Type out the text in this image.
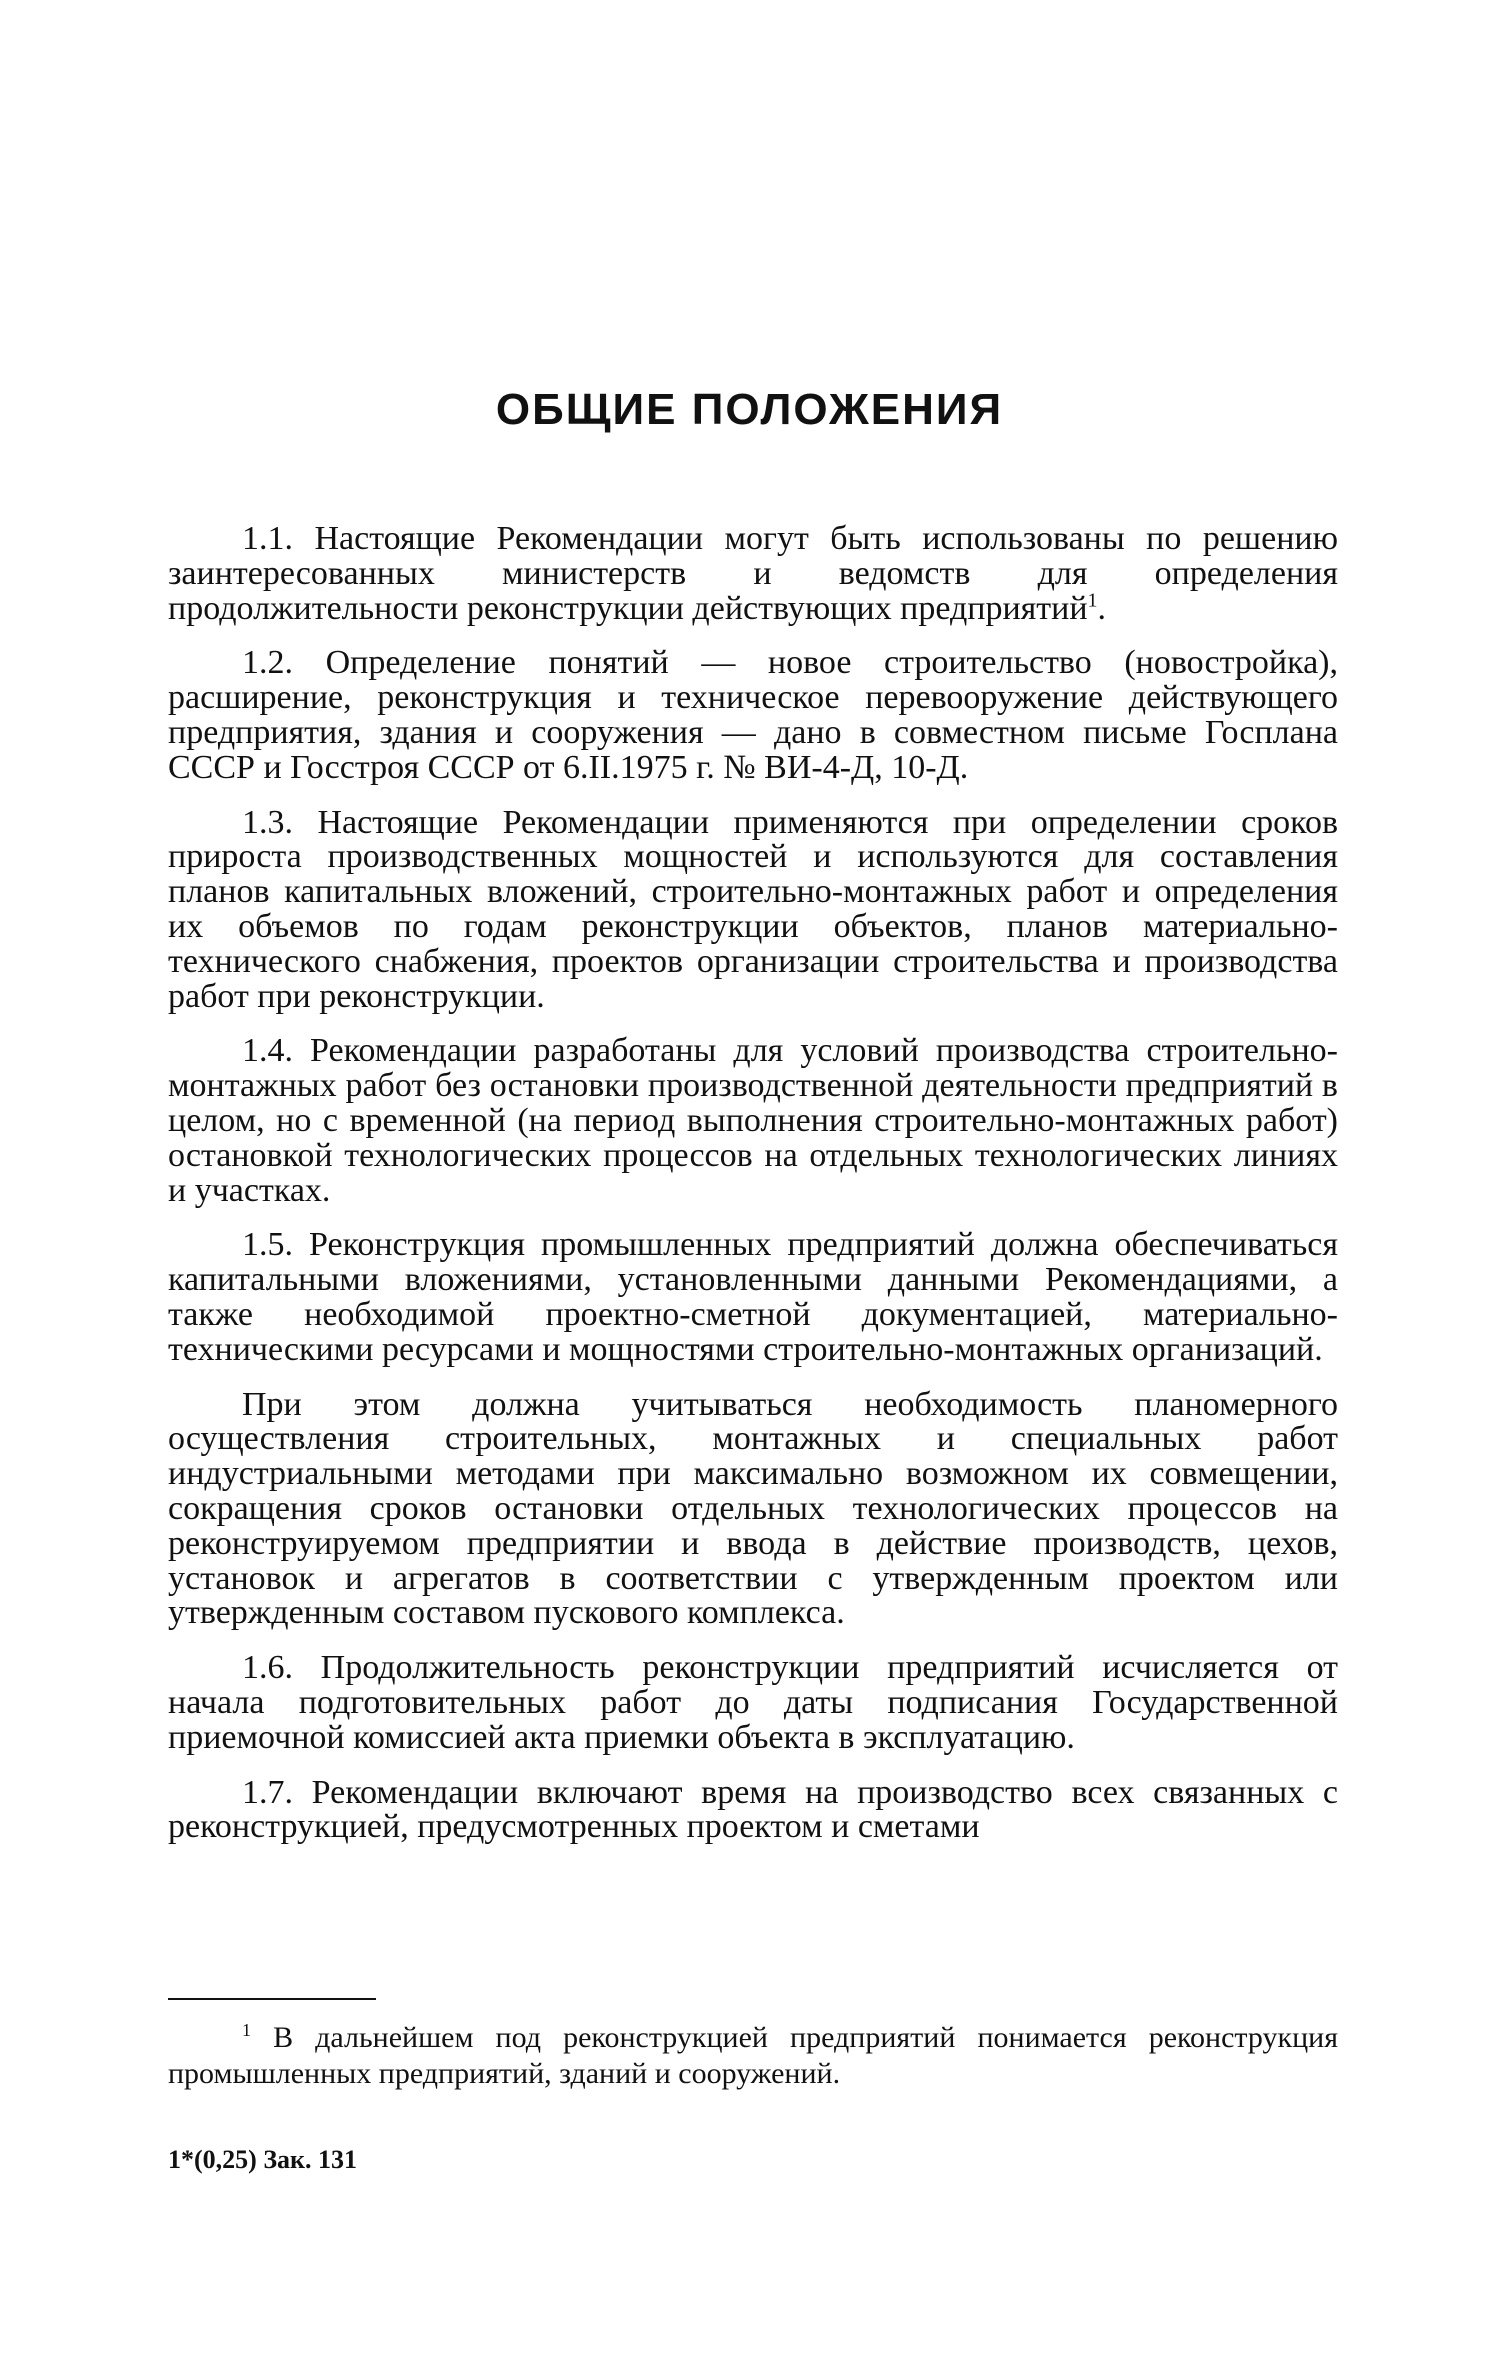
ОБЩИЕ ПОЛОЖЕНИЯ

1.1. Настоящие Рекомендации могут быть использованы по решению заинтересованных министерств и ведомств для определения продолжительности реконструкции действующих предприятий$^1$.

1.2. Определение понятий — новое строительство (новостройка), расширение, реконструкция и техническое перевооружение действующего предприятия, здания и сооружения — дано в совместном письме Госплана СССР и Госстроя СССР от 6.II.1975 г. № ВИ-4-Д, 10-Д.

1.3. Настоящие Рекомендации применяются при определении сроков прироста производственных мощностей и используются для составления планов капитальных вложений, строительно-монтажных работ и определения их объемов по годам реконструкции объектов, планов материально-технического снабжения, проектов организации строительства и производства работ при реконструкции.

1.4. Рекомендации разработаны для условий производства строительно-монтажных работ без остановки производственной деятельности предприятий в целом, но с временной (на период выполнения строительно-монтажных работ) остановкой технологических процессов на отдельных технологических линиях и участках.

1.5. Реконструкция промышленных предприятий должна обеспечиваться капитальными вложениями, установленными данными Рекомендациями, а также необходимой проектно-сметной документацией, материально-техническими ресурсами и мощностями строительно-монтажных организаций.

При этом должна учитываться необходимость планомерного осуществления строительных, монтажных и специальных работ индустриальными методами при максимально возможном их совмещении, сокращения сроков остановки отдельных технологических процессов на реконструируемом предприятии и ввода в действие производств, цехов, установок и агрегатов в соответствии с утвержденным проектом или утвержденным составом пускового комплекса.

1.6. Продолжительность реконструкции предприятий исчисляется от начала подготовительных работ до даты подписания Государственной приемочной комиссией акта приемки объекта в эксплуатацию.

1.7. Рекомендации включают время на производство всех связанных с реконструкцией, предусмотренных проектом и сметами

$^1$ В дальнейшем под реконструкцией предприятий понимается реконструкция промышленных предприятий, зданий и сооружений.

1*(0,25) Зак. 131
